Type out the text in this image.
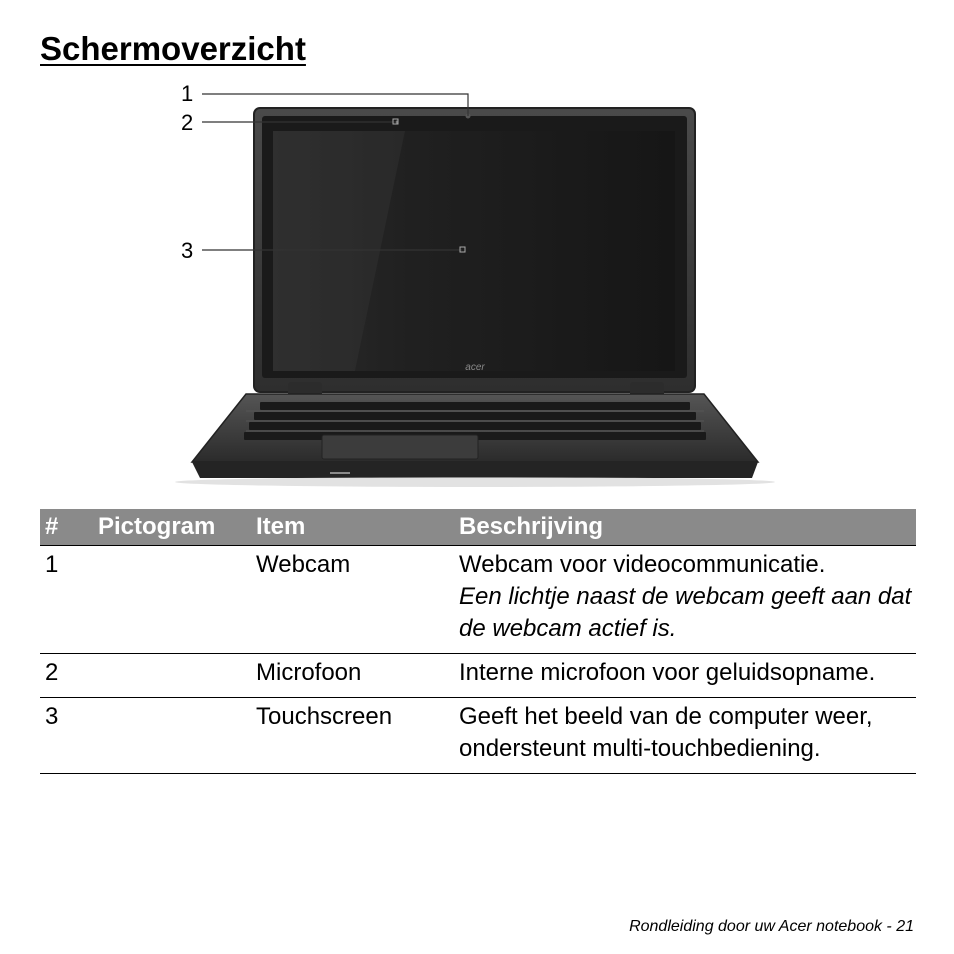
Schermoverzicht
acer
1
2
3
#	Pictogram	Item	Beschrijving
1		Webcam	Webcam voor videocommunicatie.
Een lichtje naast de webcam geeft aan dat de webcam actief is.

2		Microfoon	Interne microfoon voor geluidsopname.
3		Touchscreen	Geeft het beeld van de computer weer, ondersteunt multi-touchbediening.
Rondleiding door uw Acer notebook - 21
